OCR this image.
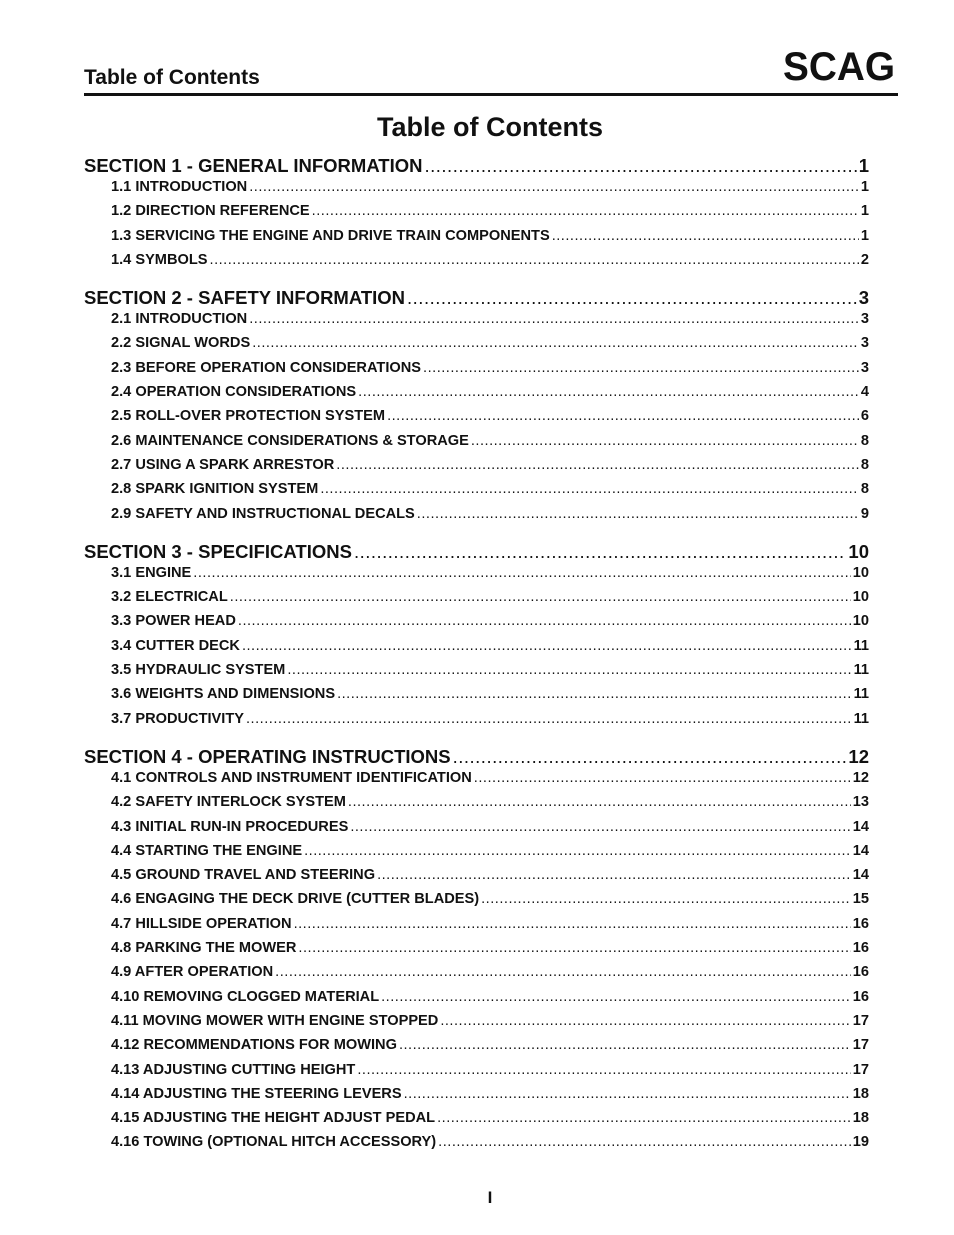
Table of Contents	SCAG
Table of Contents
SECTION 1 - GENERAL INFORMATION .....	1
1.1 INTRODUCTION .....	1
1.2 DIRECTION REFERENCE .....	1
1.3 SERVICING THE ENGINE AND DRIVE TRAIN COMPONENTS .....	1
1.4 SYMBOLS .....	2
SECTION 2 - SAFETY INFORMATION .....	3
2.1 INTRODUCTION .....	3
2.2 SIGNAL WORDS .....	3
2.3 BEFORE OPERATION CONSIDERATIONS .....	3
2.4 OPERATION CONSIDERATIONS .....	4
2.5 ROLL-OVER PROTECTION SYSTEM .....	6
2.6 MAINTENANCE CONSIDERATIONS & STORAGE .....	8
2.7 USING A SPARK ARRESTOR .....	8
2.8 SPARK IGNITION SYSTEM .....	8
2.9 SAFETY AND INSTRUCTIONAL DECALS .....	9
SECTION 3 - SPECIFICATIONS .....	10
3.1 ENGINE .....	10
3.2 ELECTRICAL .....	10
3.3 POWER HEAD .....	10
3.4 CUTTER DECK .....	11
3.5 HYDRAULIC SYSTEM .....	11
3.6 WEIGHTS AND DIMENSIONS .....	11
3.7 PRODUCTIVITY .....	11
SECTION 4 - OPERATING INSTRUCTIONS .....	12
4.1 CONTROLS AND INSTRUMENT IDENTIFICATION .....	12
4.2 SAFETY INTERLOCK SYSTEM .....	13
4.3 INITIAL RUN-IN PROCEDURES .....	14
4.4 STARTING THE ENGINE .....	14
4.5 GROUND TRAVEL AND STEERING .....	14
4.6 ENGAGING THE DECK DRIVE (CUTTER BLADES) .....	15
4.7 HILLSIDE OPERATION .....	16
4.8 PARKING THE MOWER .....	16
4.9 AFTER OPERATION .....	16
4.10 REMOVING CLOGGED MATERIAL .....	16
4.11 MOVING MOWER WITH ENGINE STOPPED .....	17
4.12 RECOMMENDATIONS FOR MOWING .....	17
4.13 ADJUSTING CUTTING HEIGHT .....	17
4.14 ADJUSTING THE STEERING LEVERS .....	18
4.15 ADJUSTING THE HEIGHT ADJUST PEDAL .....	18
4.16 TOWING (OPTIONAL HITCH ACCESSORY) .....	19
I
